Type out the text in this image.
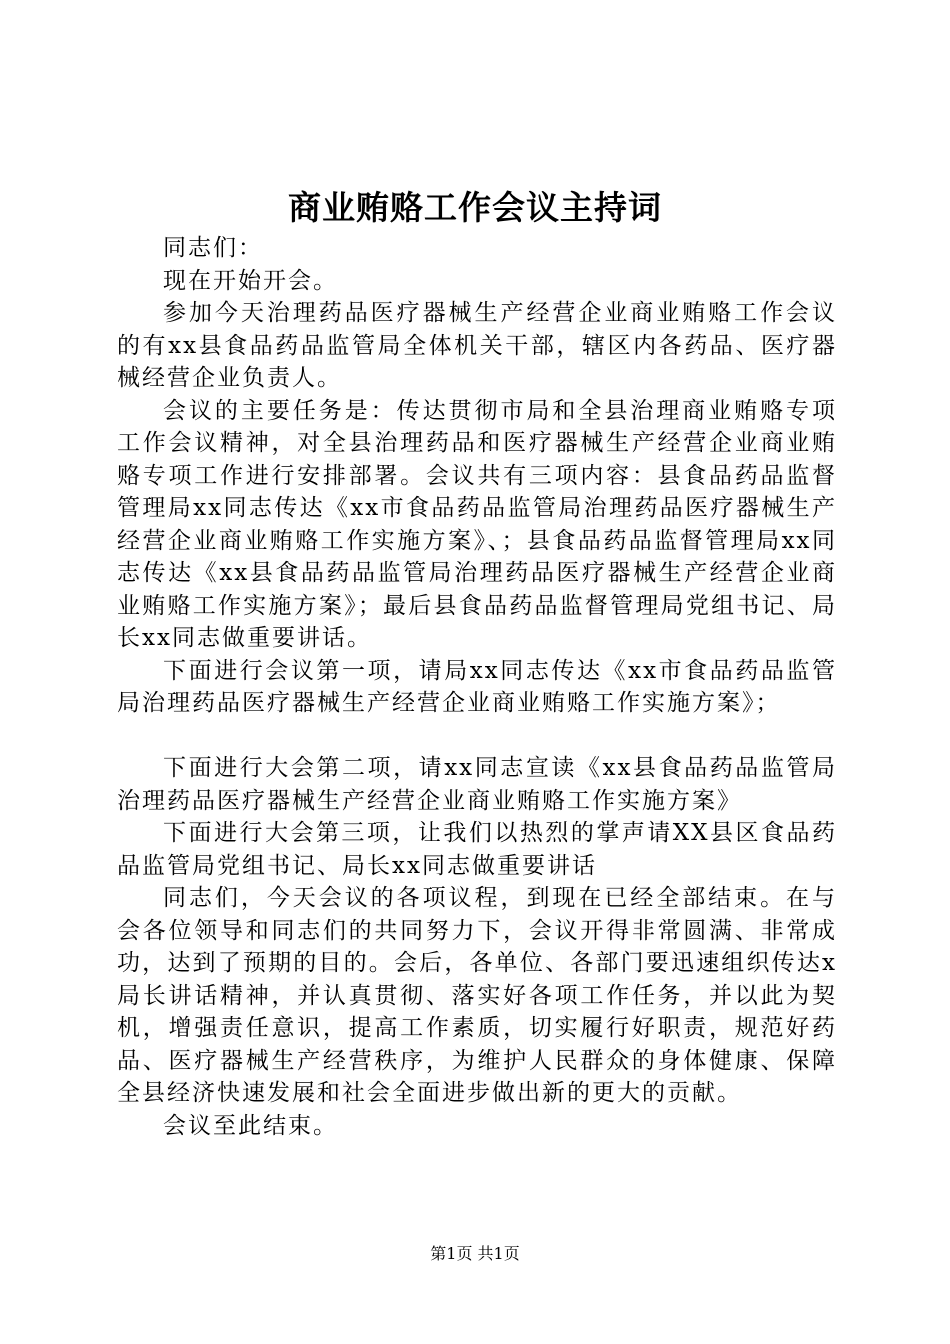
商业贿赂工作会议主持词

同志们：

现在开始开会。

参加今天治理药品医疗器械生产经营企业商业贿赂工作会议的有xx县食品药品监管局全体机关干部，辖区内各药品、医疗器械经营企业负责人。

会议的主要任务是：传达贯彻市局和全县治理商业贿赂专项工作会议精神，对全县治理药品和医疗器械生产经营企业商业贿赂专项工作进行安排部署。会议共有三项内容：县食品药品监督管理局xx同志传达《xx市食品药品监管局治理药品医疗器械生产经营企业商业贿赂工作实施方案》、；县食品药品监督管理局xx同志传达《xx县食品药品监管局治理药品医疗器械生产经营企业商业贿赂工作实施方案》；最后县食品药品监督管理局党组书记、局长xx同志做重要讲话。

下面进行会议第一项，请局xx同志传达《xx市食品药品监管局治理药品医疗器械生产经营企业商业贿赂工作实施方案》；

下面进行大会第二项，请xx同志宣读《xx县食品药品监管局治理药品医疗器械生产经营企业商业贿赂工作实施方案》

下面进行大会第三项，让我们以热烈的掌声请XX县区食品药品监管局党组书记、局长xx同志做重要讲话

同志们，今天会议的各项议程，到现在已经全部结束。在与会各位领导和同志们的共同努力下，会议开得非常圆满、非常成功，达到了预期的目的。会后，各单位、各部门要迅速组织传达x局长讲话精神，并认真贯彻、落实好各项工作任务，并以此为契机，增强责任意识，提高工作素质，切实履行好职责，规范好药品、医疗器械生产经营秩序，为维护人民群众的身体健康、保障全县经济快速发展和社会全面进步做出新的更大的贡献。

会议至此结束。

第1页 共1页
